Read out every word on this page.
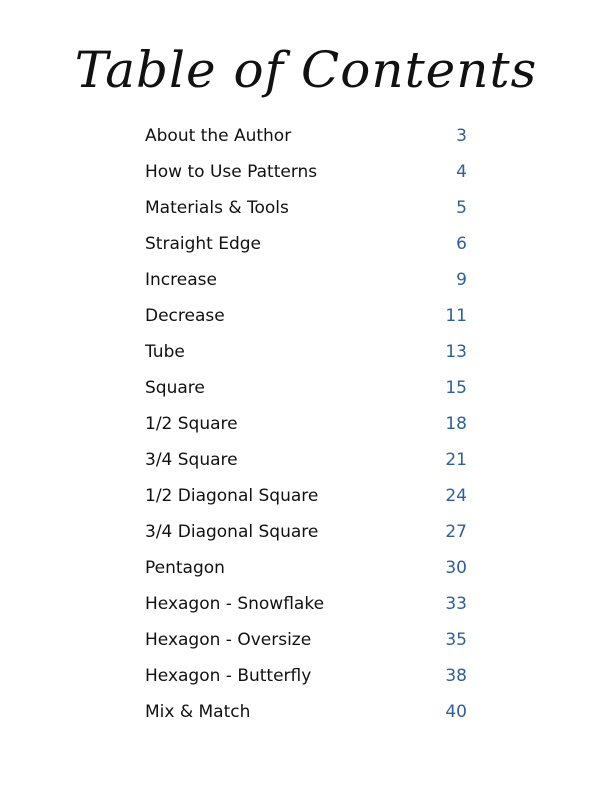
Table of Contents
About the Author	3
How to Use Patterns	4
Materials & Tools	5
Straight Edge	6
Increase	9
Decrease	11
Tube	13
Square	15
1/2 Square	18
3/4 Square	21
1/2 Diagonal Square	24
3/4 Diagonal Square	27
Pentagon	30
Hexagon - Snowflake	33
Hexagon - Oversize	35
Hexagon - Butterfly	38
Mix & Match	40
